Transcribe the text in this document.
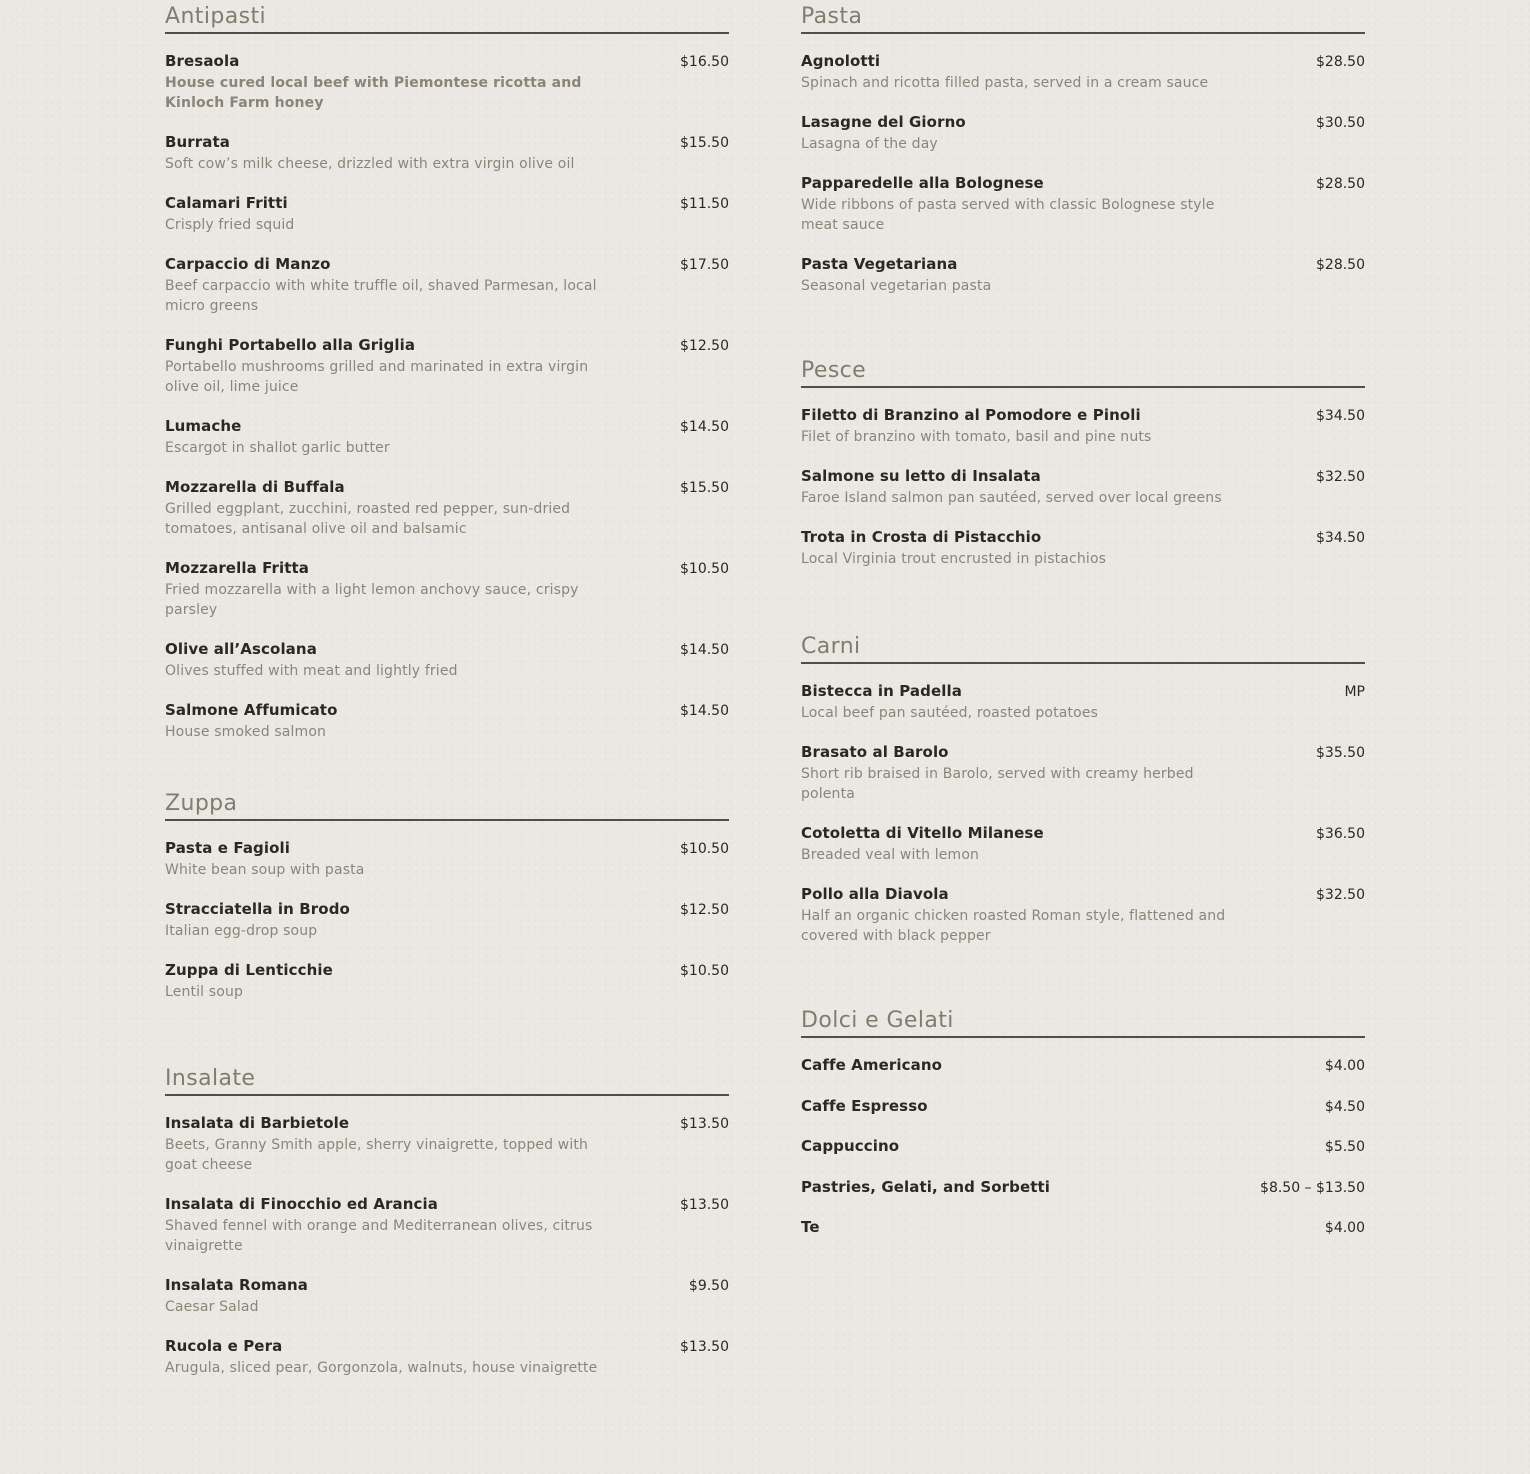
Antipasti
Bresaola	$16.50
House cured local beef with Piemontese ricotta and Kinloch Farm honey
Burrata	$15.50
Soft cow’s milk cheese, drizzled with extra virgin olive oil
Calamari Fritti	$11.50
Crisply fried squid
Carpaccio di Manzo	$17.50
Beef carpaccio with white truffle oil, shaved Parmesan, local micro greens
Funghi Portabello alla Griglia	$12.50
Portabello mushrooms grilled and marinated in extra virgin olive oil, lime juice
Lumache	$14.50
Escargot in shallot garlic butter
Mozzarella di Buffala	$15.50
Grilled eggplant, zucchini, roasted red pepper, sun-dried tomatoes, antisanal olive oil and balsamic
Mozzarella Fritta	$10.50
Fried mozzarella with a light lemon anchovy sauce, crispy parsley
Olive all’Ascolana	$14.50
Olives stuffed with meat and lightly fried
Salmone Affumicato	$14.50
House smoked salmon
Zuppa
Pasta e Fagioli	$10.50
White bean soup with pasta
Stracciatella in Brodo	$12.50
Italian egg-drop soup
Zuppa di Lenticchie	$10.50
Lentil soup
Insalate
Insalata di Barbietole	$13.50
Beets, Granny Smith apple, sherry vinaigrette, topped with goat cheese
Insalata di Finocchio ed Arancia	$13.50
Shaved fennel with orange and Mediterranean olives, citrus vinaigrette
Insalata Romana	$9.50
Caesar Salad
Rucola e Pera	$13.50
Arugula, sliced pear, Gorgonzola, walnuts, house vinaigrette
Pasta
Agnolotti	$28.50
Spinach and ricotta filled pasta, served in a cream sauce
Lasagne del Giorno	$30.50
Lasagna of the day
Papparedelle alla Bolognese	$28.50
Wide ribbons of pasta served with classic Bolognese style meat sauce
Pasta Vegetariana	$28.50
Seasonal vegetarian pasta
Pesce
Filetto di Branzino al Pomodore e Pinoli	$34.50
Filet of branzino with tomato, basil and pine nuts
Salmone su letto di Insalata	$32.50
Faroe Island salmon pan sautéed, served over local greens
Trota in Crosta di Pistacchio	$34.50
Local Virginia trout encrusted in pistachios
Carni
Bistecca in Padella	MP
Local beef pan sautéed, roasted potatoes
Brasato al Barolo	$35.50
Short rib braised in Barolo, served with creamy herbed polenta
Cotoletta di Vitello Milanese	$36.50
Breaded veal with lemon
Pollo alla Diavola	$32.50
Half an organic chicken roasted Roman style, flattened and covered with black pepper
Dolci e Gelati
Caffe Americano	$4.00
Caffe Espresso	$4.50
Cappuccino	$5.50
Pastries, Gelati, and Sorbetti	$8.50 – $13.50
Te	$4.00
